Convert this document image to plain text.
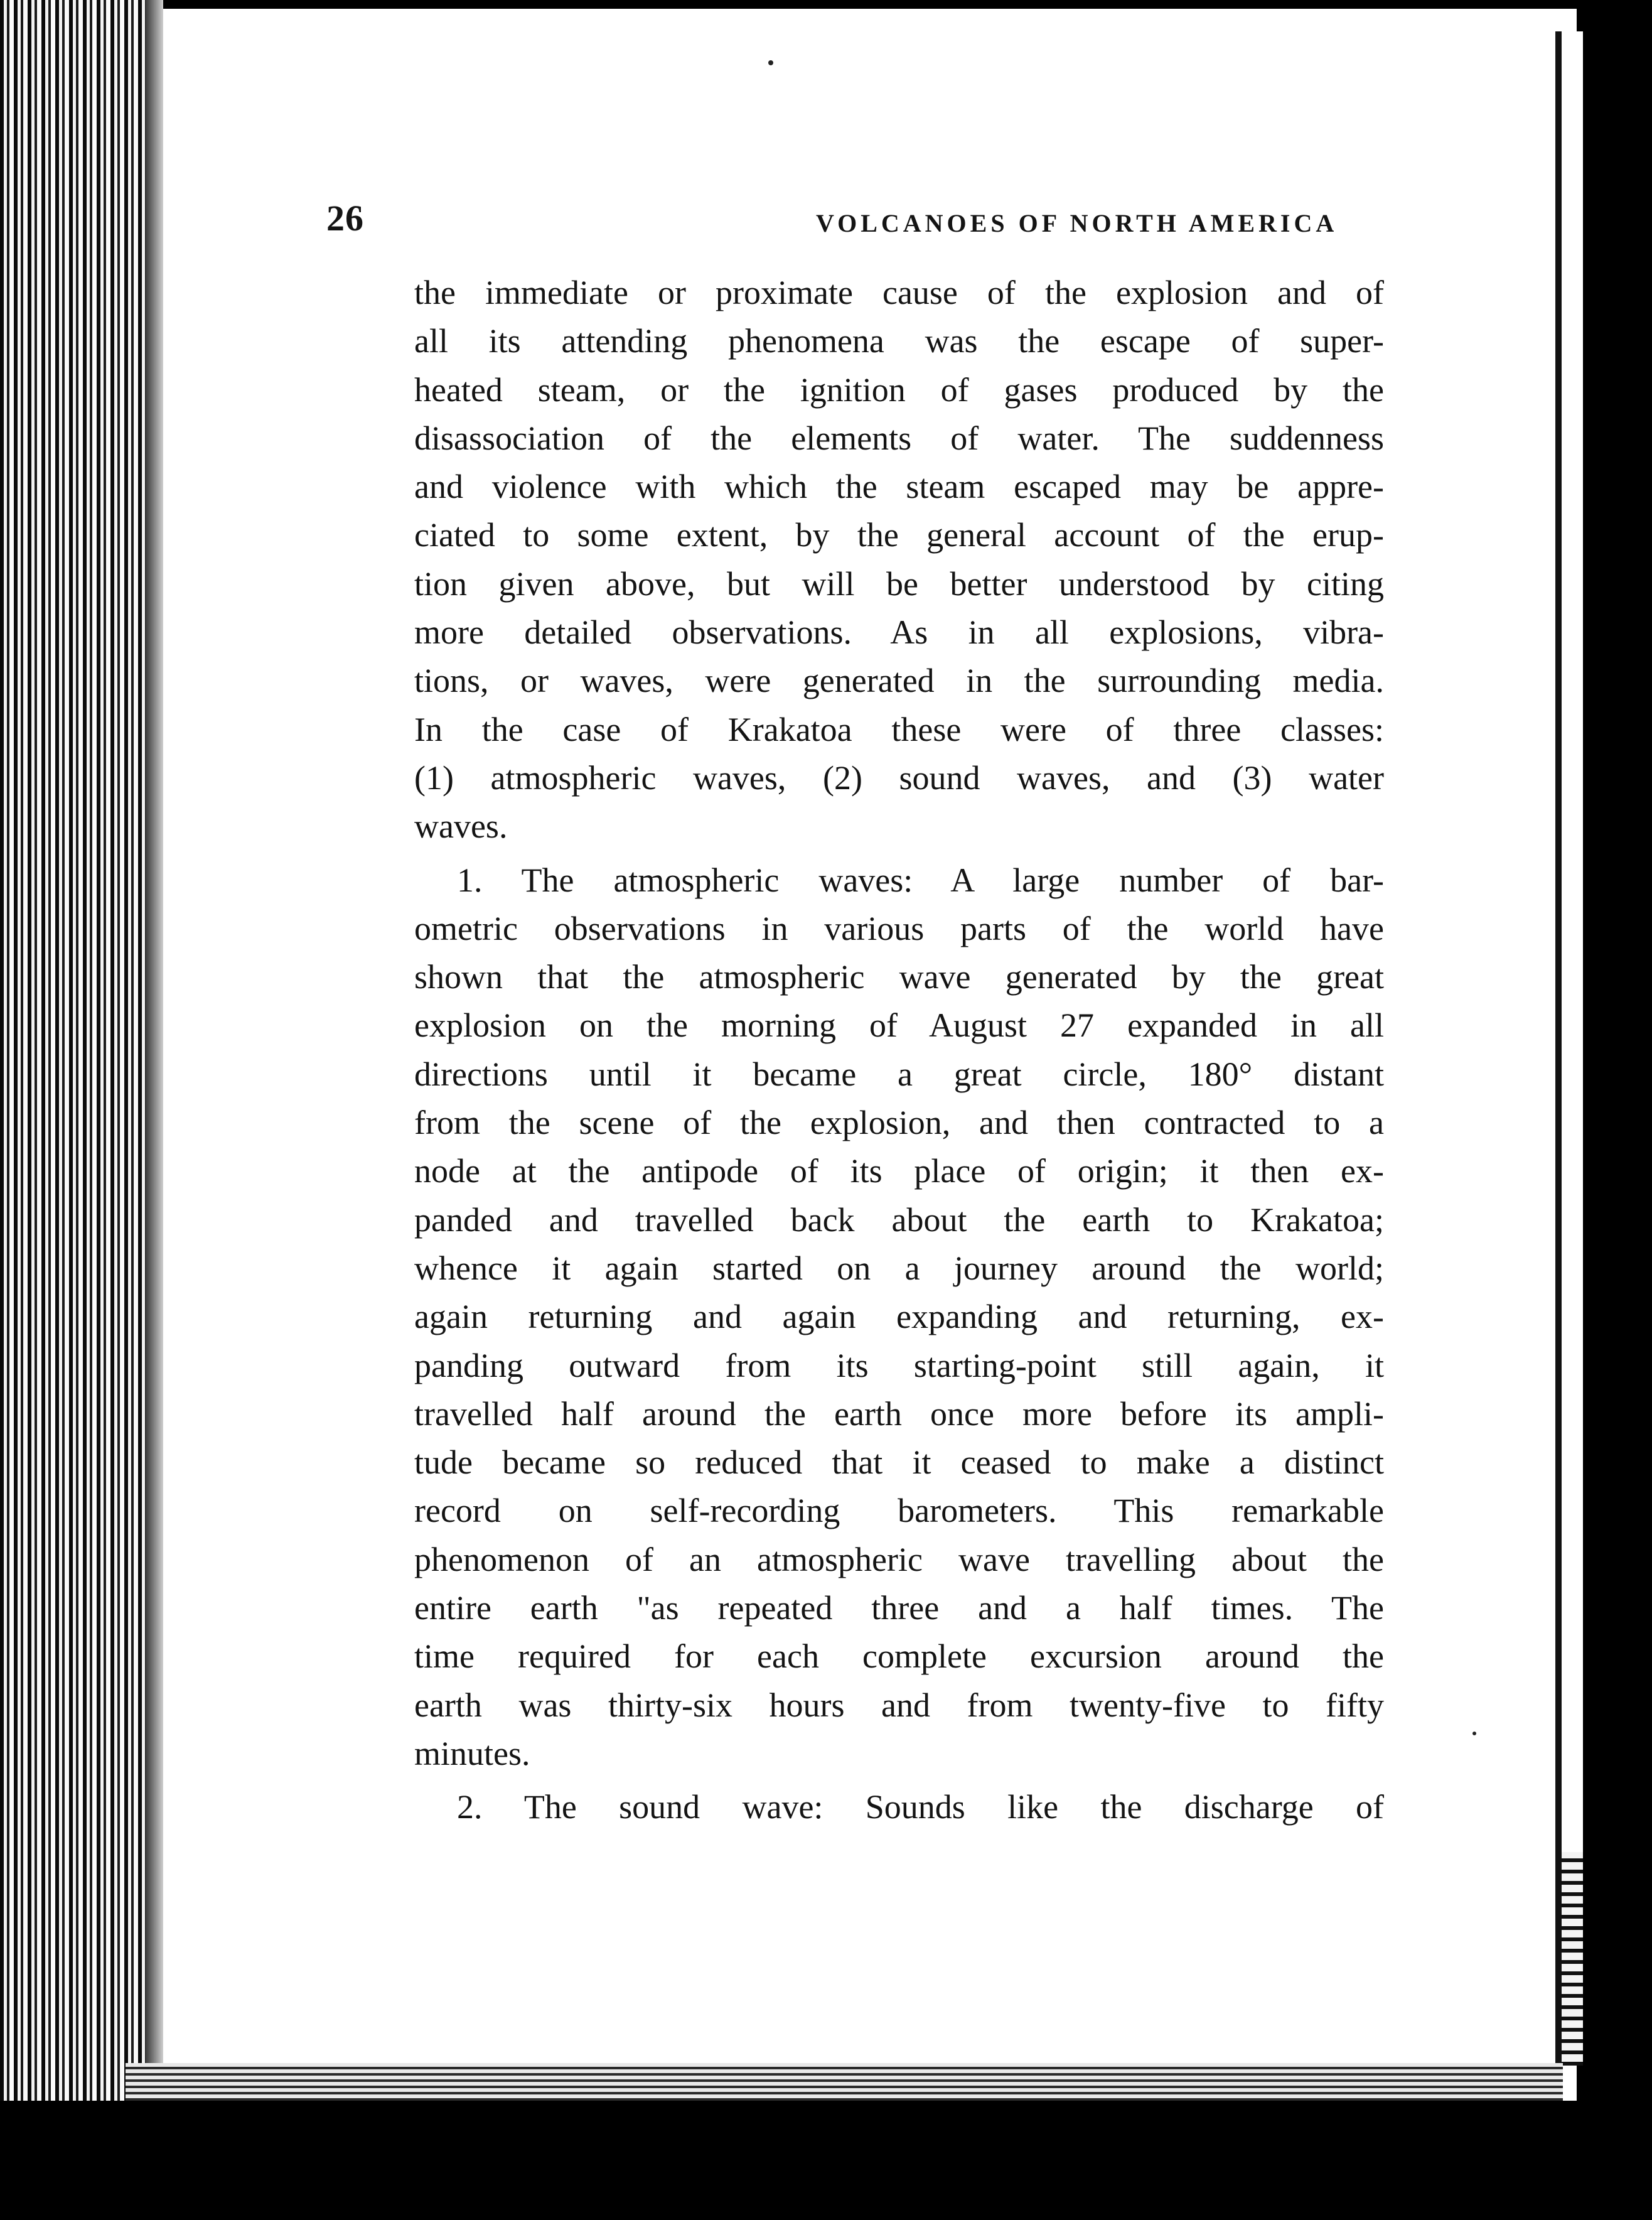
26	VOLCANOES OF NORTH AMERICA
the immediate or proximate cause of the explosion and of
all its attending phenomena was the escape of super-
heated steam, or the ignition of gases produced by the
disassociation of the elements of water. The suddenness
and violence with which the steam escaped may be appre-
ciated to some extent, by the general account of the erup-
tion given above, but will be better understood by citing
more detailed observations. As in all explosions, vibra-
tions, or waves, were generated in the surrounding media.
In the case of Krakatoa these were of three classes:
(1) atmospheric waves, (2) sound waves, and (3) water
waves.
1. The atmospheric waves: A large number of bar-
ometric observations in various parts of the world have
shown that the atmospheric wave generated by the great
explosion on the morning of August 27 expanded in all
directions until it became a great circle, 180° distant
from the scene of the explosion, and then contracted to a
node at the antipode of its place of origin; it then ex-
panded and travelled back about the earth to Krakatoa;
whence it again started on a journey around the world;
again returning and again expanding and returning, ex-
panding outward from its starting-point still again, it
travelled half around the earth once more before its ampli-
tude became so reduced that it ceased to make a distinct
record on self-recording barometers. This remarkable
phenomenon of an atmospheric wave travelling about the
entire earth "as repeated three and a half times. The
time required for each complete excursion around the
earth was thirty-six hours and from twenty-five to fifty
minutes.
2. The sound wave: Sounds like the discharge of
